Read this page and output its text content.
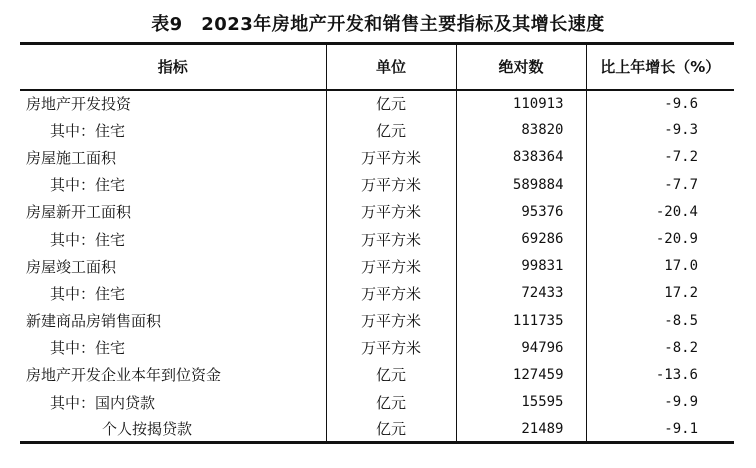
表9　2023年房地产开发和销售主要指标及其增长速度
指标	单位	绝对数	比上年增长（%）
房地产开发投资	亿元	110913	-9.6
其中：住宅	亿元	83820	-9.3
房屋施工面积	万平方米	838364	-7.2
其中：住宅	万平方米	589884	-7.7
房屋新开工面积	万平方米	95376	-20.4
其中：住宅	万平方米	69286	-20.9
房屋竣工面积	万平方米	99831	17.0
其中：住宅	万平方米	72433	17.2
新建商品房销售面积	万平方米	111735	-8.5
其中：住宅	万平方米	94796	-8.2
房地产开发企业本年到位资金	亿元	127459	-13.6
其中：国内贷款	亿元	15595	-9.9
个人按揭贷款	亿元	21489	-9.1
